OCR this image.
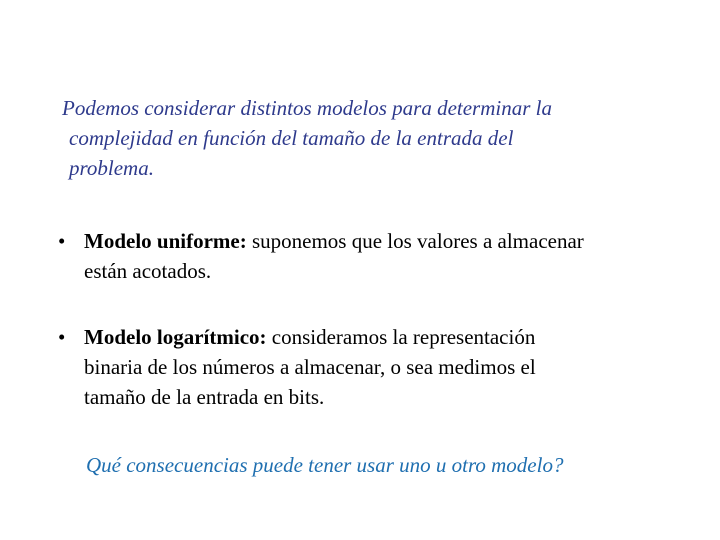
Podemos considerar distintos modelos para determinar la
complejidad en función del tamaño de la entrada del
problema.
• Modelo uniforme: suponemos que los valores a almacenar
están acotados.
• Modelo logarítmico: consideramos la representación
binaria de los números a almacenar, o sea medimos el
tamaño de la entrada en bits.
Qué consecuencias puede tener usar uno u otro modelo?
